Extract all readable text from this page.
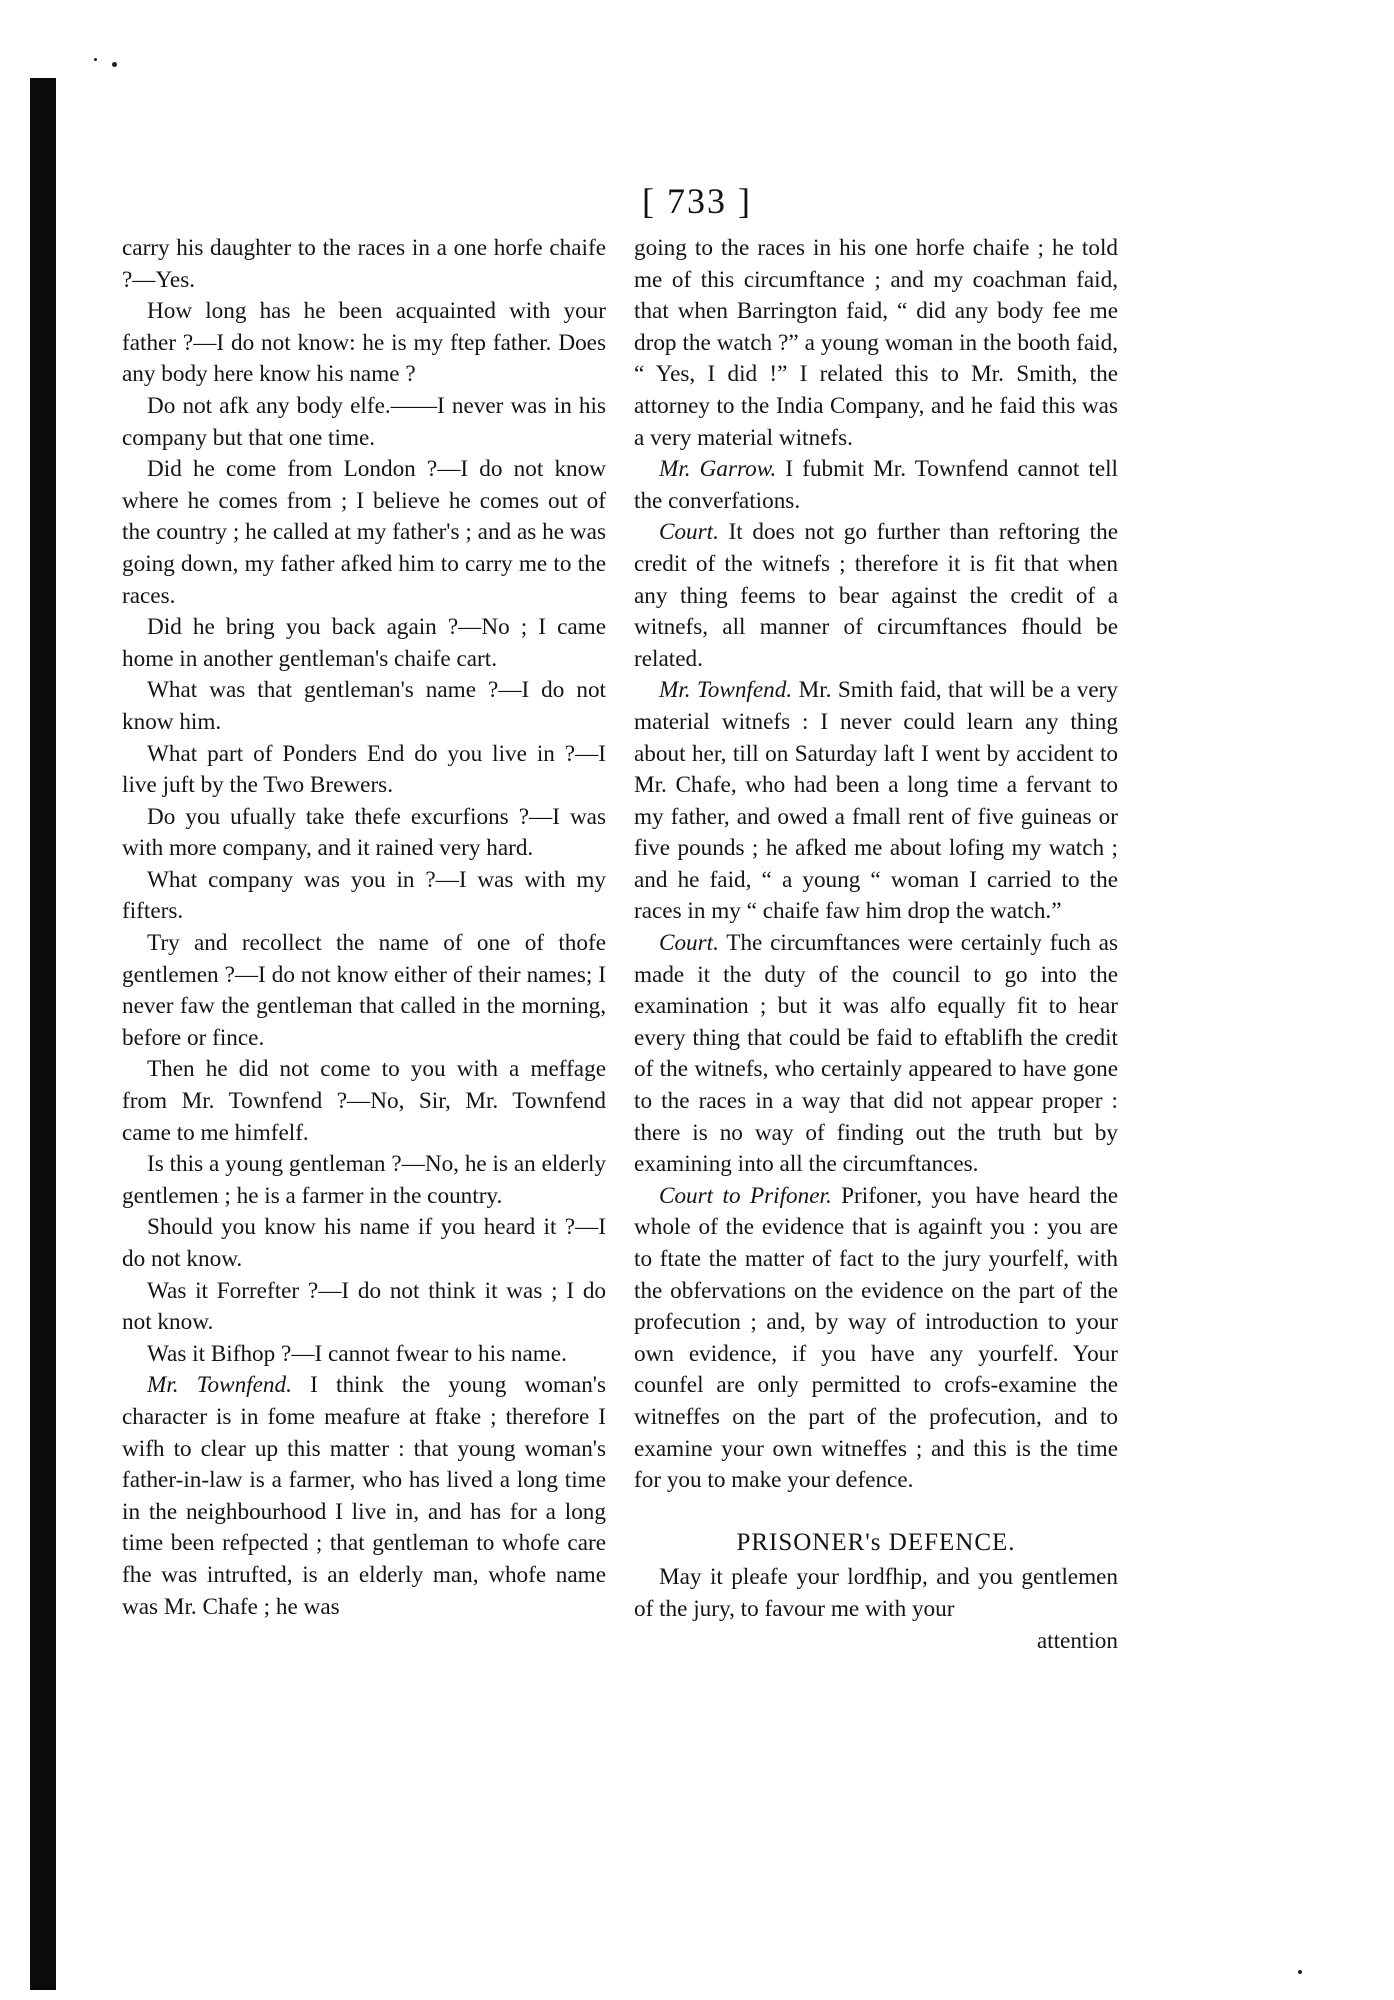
[ 733 ]

carry his daughter to the races in a one horfe chaife ?—Yes.

How long has he been acquainted with your father ?—I do not know: he is my ftep father. Does any body here know his name ?

Do not afk any body elfe.——I never was in his company but that one time.

Did he come from London ?—I do not know where he comes from ; I believe he comes out of the country ; he called at my father's ; and as he was going down, my father afked him to carry me to the races.

Did he bring you back again ?—No ; I came home in another gentleman's chaife cart.

What was that gentleman's name ?—I do not know him.

What part of Ponders End do you live in ?—I live juft by the Two Brewers.

Do you ufually take thefe excurfions ?—I was with more company, and it rained very hard.

What company was you in ?—I was with my fifters.

Try and recollect the name of one of thofe gentlemen ?—I do not know either of their names; I never faw the gentleman that called in the morning, before or fince.

Then he did not come to you with a meffage from Mr. Townfend ?—No, Sir, Mr. Townfend came to me himfelf.

Is this a young gentleman ?—No, he is an elderly gentlemen ; he is a farmer in the country.

Should you know his name if you heard it ?—I do not know.

Was it Forrefter ?—I do not think it was ; I do not know.

Was it Bifhop ?—I cannot fwear to his name.

Mr. Townfend. I think the young woman's character is in fome meafure at ftake ; therefore I wifh to clear up this matter : that young woman's father-in-law is a farmer, who has lived a long time in the neighbourhood I live in, and has for a long time been refpected ; that gentleman to whofe care fhe was intrufted, is an elderly man, whofe name was Mr. Chafe ; he was

going to the races in his one horfe chaife ; he told me of this circumftance ; and my coachman faid, that when Barrington faid, “ did any body fee me drop the watch ?” a young woman in the booth faid, “ Yes, I did !” I related this to Mr. Smith, the attorney to the India Company, and he faid this was a very material witnefs.

Mr. Garrow. I fubmit Mr. Townfend cannot tell the converfations.

Court. It does not go further than reftoring the credit of the witnefs ; therefore it is fit that when any thing feems to bear against the credit of a witnefs, all manner of circumftances fhould be related.

Mr. Townfend. Mr. Smith faid, that will be a very material witnefs : I never could learn any thing about her, till on Saturday laft I went by accident to Mr. Chafe, who had been a long time a fervant to my father, and owed a fmall rent of five guineas or five pounds ; he afked me about lofing my watch ; and he faid, “ a young “ woman I carried to the races in my “ chaife faw him drop the watch.”

Court. The circumftances were certainly fuch as made it the duty of the council to go into the examination ; but it was alfo equally fit to hear every thing that could be faid to eftablifh the credit of the witnefs, who certainly appeared to have gone to the races in a way that did not appear proper : there is no way of finding out the truth but by examining into all the circumftances.

Court to Prifoner. Prifoner, you have heard the whole of the evidence that is againft you : you are to ftate the matter of fact to the jury yourfelf, with the obfervations on the evidence on the part of the profecution ; and, by way of introduction to your own evidence, if you have any yourfelf. Your counfel are only permitted to crofs-examine the witneffes on the part of the profecution, and to examine your own witneffes ; and this is the time for you to make your defence.

PRISONER's DEFENCE.

May it pleafe your lordfhip, and you gentlemen of the jury, to favour me with your

attention
